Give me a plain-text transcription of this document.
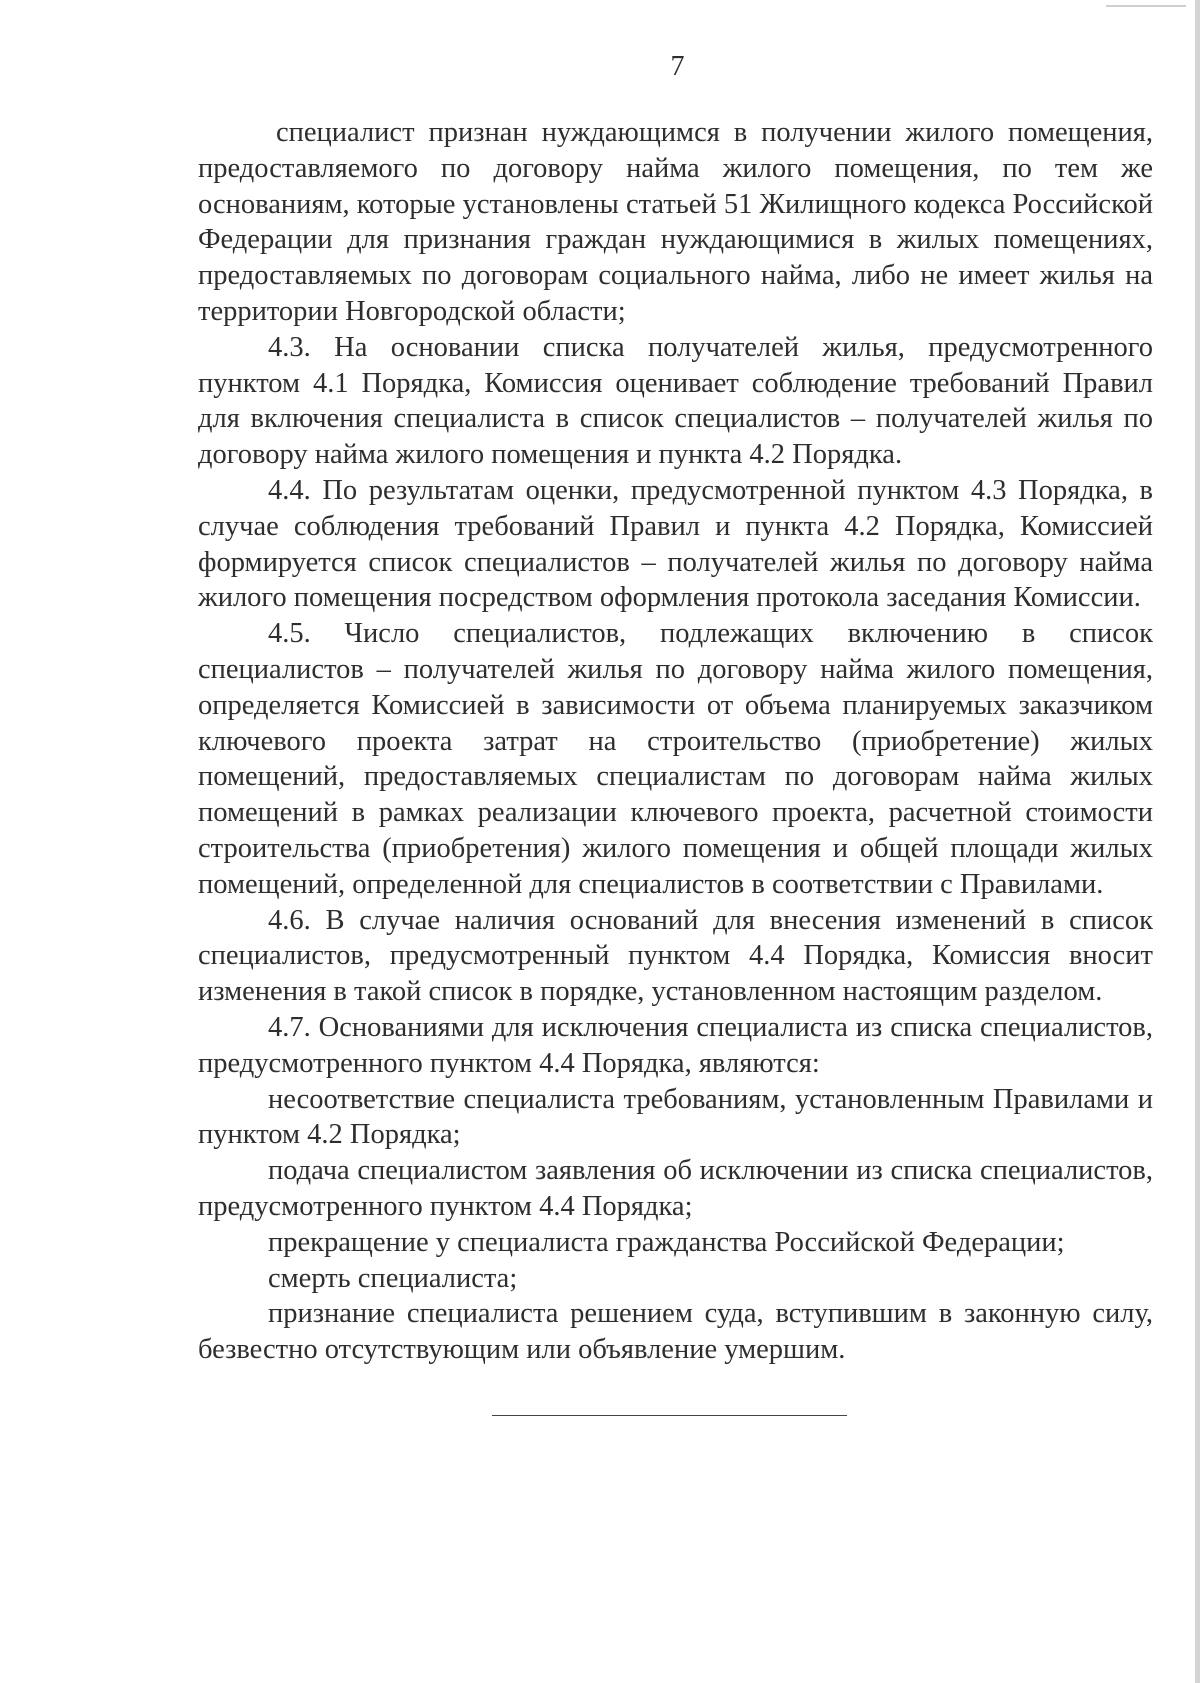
7

специалист признан нуждающимся в получении жилого помещения, предоставляемого по договору найма жилого помещения, по тем же основаниям, которые установлены статьей 51 Жилищного кодекса Российской Федерации для признания граждан нуждающимися в жилых помещениях, предоставляемых по договорам социального найма, либо не имеет жилья на территории Новгородской области;

4.3. На основании списка получателей жилья, предусмотренного пунктом 4.1 Порядка, Комиссия оценивает соблюдение требований Правил для включения специалиста в список специалистов – получателей жилья по договору найма жилого помещения и пункта 4.2 Порядка.

4.4. По результатам оценки, предусмотренной пунктом 4.3 Порядка, в случае соблюдения требований Правил и пункта 4.2 Порядка, Комиссией формируется список специалистов – получателей жилья по договору найма жилого помещения посредством оформления протокола заседания Комиссии.

4.5. Число специалистов, подлежащих включению в список специалистов – получателей жилья по договору найма жилого помещения, определяется Комиссией в зависимости от объема планируемых заказчиком ключевого проекта затрат на строительство (приобретение) жилых помещений, предоставляемых специалистам по договорам найма жилых помещений в рамках реализации ключевого проекта, расчетной стоимости строительства (приобретения) жилого помещения и общей площади жилых помещений, определенной для специалистов в соответствии с Правилами.

4.6. В случае наличия оснований для внесения изменений в список специалистов, предусмотренный пунктом 4.4 Порядка, Комиссия вносит изменения в такой список в порядке, установленном настоящим разделом.

4.7. Основаниями для исключения специалиста из списка специалистов, предусмотренного пунктом 4.4 Порядка, являются:

несоответствие специалиста требованиям, установленным Правилами и пунктом 4.2 Порядка;

подача специалистом заявления об исключении из списка специалистов, предусмотренного пунктом 4.4 Порядка;

прекращение у специалиста гражданства Российской Федерации;

смерть специалиста;

признание специалиста решением суда, вступившим в законную силу, безвестно отсутствующим или объявление умершим.
